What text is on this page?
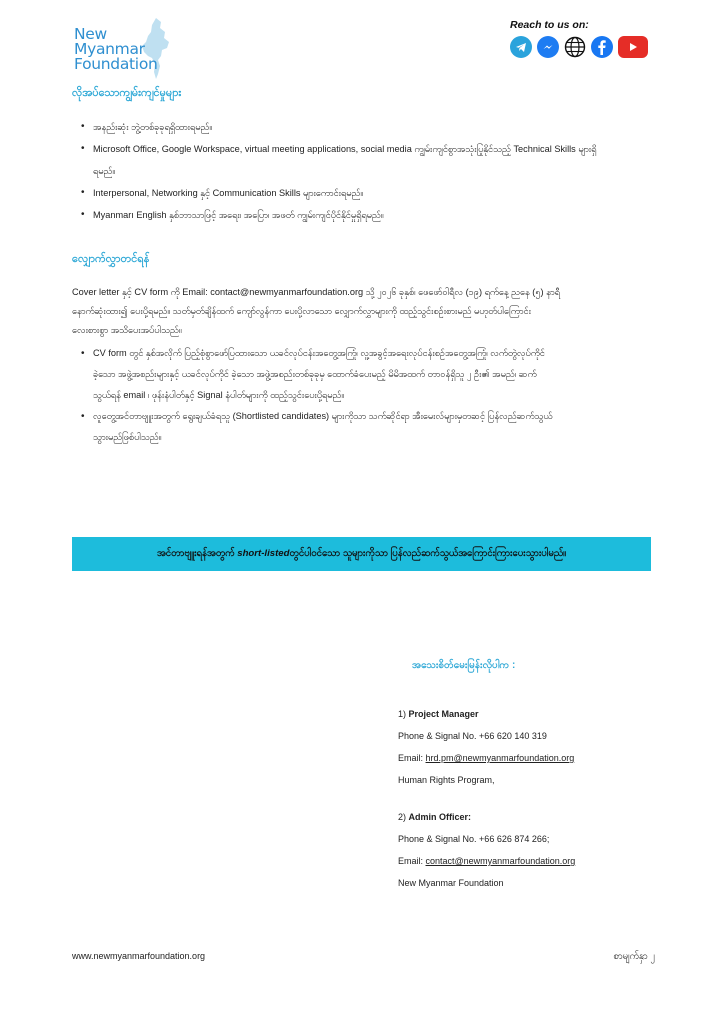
New
Myanmar
Foundation
Reach to us on:
လိုအပ်သောကျွမ်းကျင်မှုများ
• အနည်းဆုံး ဘွဲ့တစ်ခုခုရရှိထားရမည်။
• Microsoft Office, Google Workspace, virtual meeting applications, social media ကျွမ်းကျင်စွာအသုံးပြုနိုင်သည့် Technical Skills များရှိ
ရမည်။
• Interpersonal, Networking နှင့် Communication Skills များကောင်းရမည်။
• Myanmarı English နှစ်ဘာသာဖြင့် အရေး၊ အပြော၊ အဖတ် ကျွမ်းကျင်ပိုင်နိုင်မှုရှိရမည်။
လျှောက်လွှာတင်ရန်
Cover letter နှင့် CV form ကို Email: contact@newmyanmarfoundation.org သို့ ၂၀၂၆ ခုနှစ်၊ ဖေဖော်ဝါရီလ (၁၉) ရက်နေ့ ညနေ (၅) နာရီ
နောက်ဆုံးထား၍ ပေးပို့ရမည်။ သတ်မှတ်ချိန်ထက် ကျော်လွန်ကာ ပေးပို့လာသော လျှောက်လွှာများကို ထည့်သွင်းစဉ်းစားမည် မဟုတ်ပါကြောင်း
လေးစားစွာ အသိပေးအပ်ပါသည်။
• CV form တွင် နှစ်အလိုက် ပြည့်စုံစွာဖော်ပြထားသော ယခင်လုပ်ငန်းအတွေ့အကြုံ၊ လူ့အခွင့်အရေးလုပ်ငန်းစဉ်အတွေ့အကြုံ၊ လက်တွဲလုပ်ကိုင်
ခဲ့သော အဖွဲ့အစည်းများနှင့် ယခင်လုပ်ကိုင် ခဲ့သော အဖွဲ့အစည်းတစ်ခုခုမှ ထောက်ခံပေးမည့် မိမိအထက် တာဝန်ရှိသူ ၂ ဦး၏ အမည်၊ ဆက်
သွယ်ရန် email ၊ ဖုန်းနံပါတ်နှင့် Signal နံပါတ်များကို ထည့်သွင်းပေးပို့ရမည်။
• လူတွေ့အင်တာဗျူးအတွက် ရွေးချယ်ခံရသူ (Shortlisted candidates) များကိုသာ သက်ဆိုင်ရာ အီးမေးလ်များမှတဆင့် ပြန်လည်ဆက်သွယ်
သွားမည်ဖြစ်ပါသည်။
အင်တာဗျူးရန်အတွက် short-listedတွင်ပါဝင်သော သူများကိုသာ ပြန်လည်ဆက်သွယ်အကြောင်းကြားပေးသွားပါမည်။
အသေးစိတ်မေးမြန်းလိုပါက :
1) Project Manager
Phone & Signal No. +66 620 140 319
Email: hrd.pm@newmyanmarfoundation.org
Human Rights Program,
2) Admin Officer:
Phone & Signal No. +66 626 874 266;
Email: contact@newmyanmarfoundation.org
New Myanmar Foundation
www.newmyanmarfoundation.org	စာမျက်နှာ ၂
